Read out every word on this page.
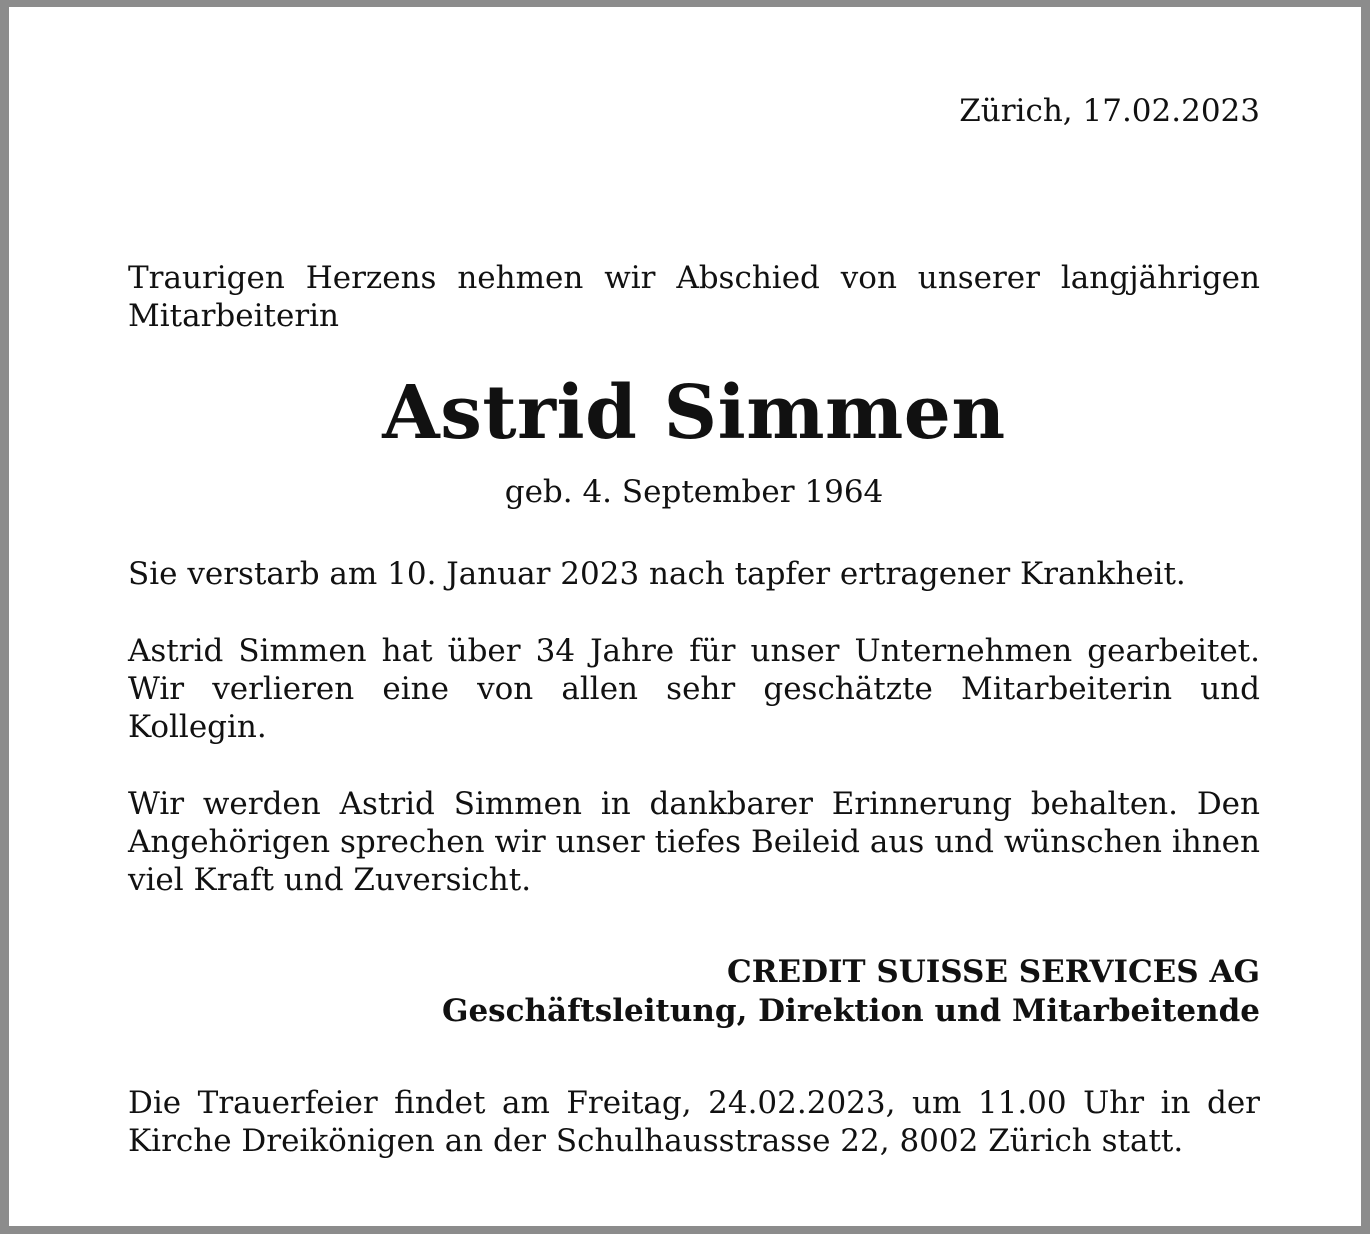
Zürich, 17.02.2023

Traurigen Herzens nehmen wir Abschied von unserer langjährigen Mitarbeiterin

Astrid Simmen
geb. 4. September 1964

Sie verstarb am 10. Januar 2023 nach tapfer ertragener Krankheit.

Astrid Simmen hat über 34 Jahre für unser Unternehmen gearbeitet. Wir verlieren eine von allen sehr geschätzte Mitarbeiterin und Kollegin.

Wir werden Astrid Simmen in dankbarer Erinnerung behalten. Den Angehörigen sprechen wir unser tiefes Beileid aus und wünschen ihnen viel Kraft und Zuversicht.

CREDIT SUISSE SERVICES AG
Geschäftsleitung, Direktion und Mitarbeitende

Die Trauerfeier findet am Freitag, 24.02.2023, um 11.00 Uhr in der Kirche Dreikönigen an der Schulhausstrasse 22, 8002 Zürich statt.
